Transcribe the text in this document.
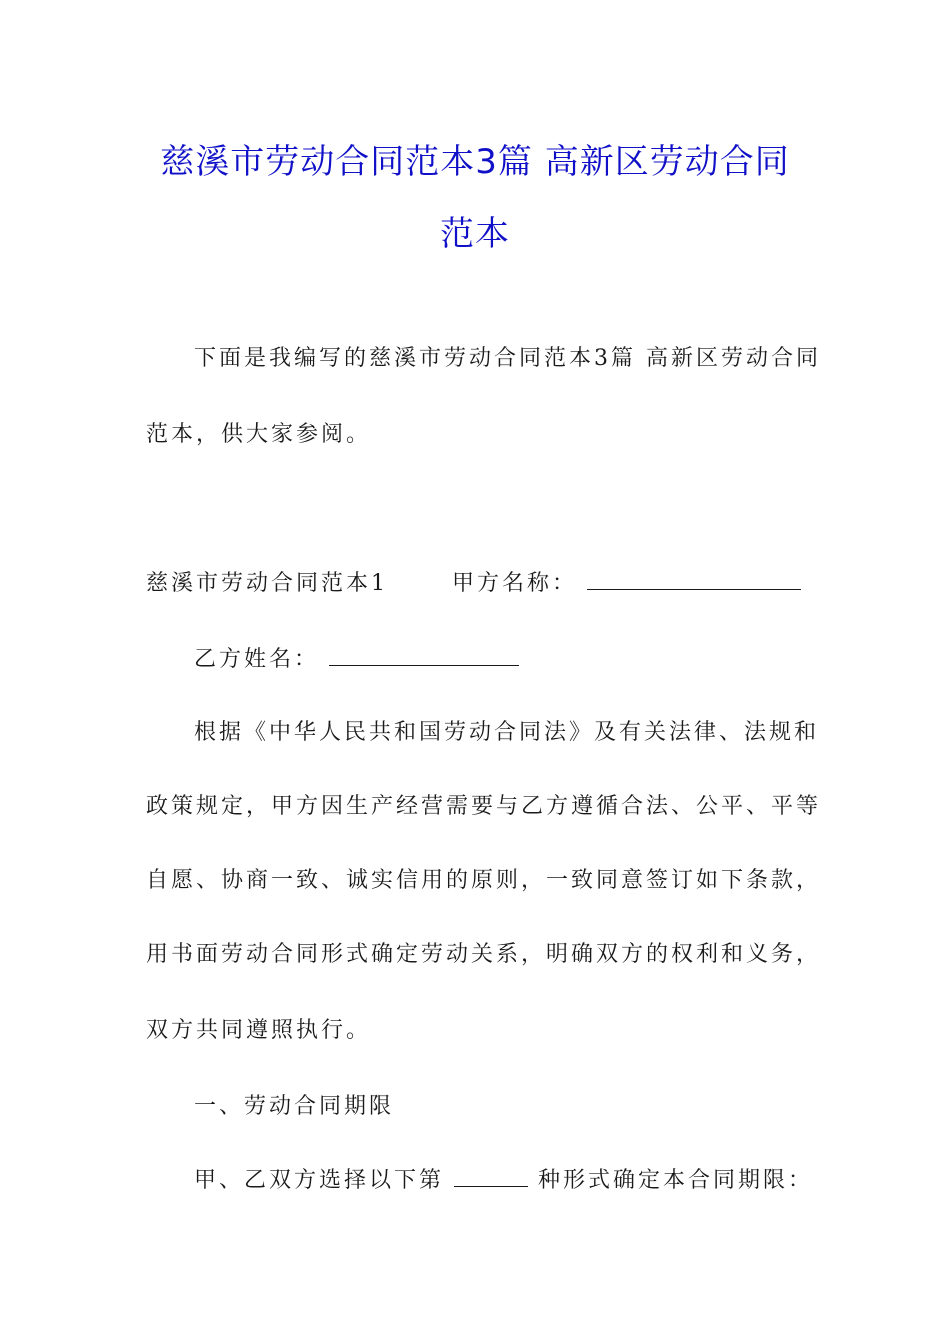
慈溪市劳动合同范本3篇 高新区劳动合同
范本
下面是我编写的慈溪市劳动合同范本3篇 高新区劳动合同
范本，供大家参阅。
慈溪市劳动合同范本1	甲方名称：
乙方姓名：
根据《中华人民共和国劳动合同法》及有关法律、法规和
政策规定，甲方因生产经营需要与乙方遵循合法、公平、平等
自愿、协商一致、诚实信用的原则，一致同意签订如下条款，
用书面劳动合同形式确定劳动关系，明确双方的权利和义务，
双方共同遵照执行。
一、劳动合同期限
甲、乙双方选择以下第	种形式确定本合同期限：
